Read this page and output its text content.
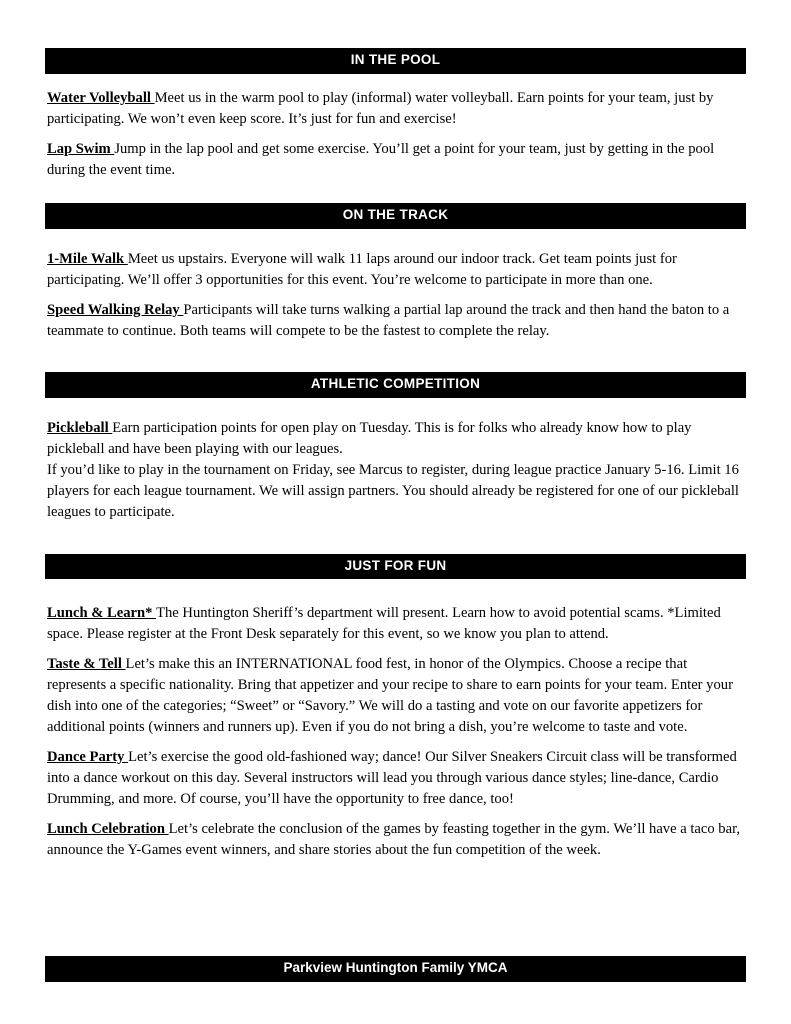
IN THE POOL

Water Volleyball Meet us in the warm pool to play (informal) water volleyball. Earn points for your team, just by participating. We won’t even keep score. It’s just for fun and exercise!

Lap Swim Jump in the lap pool and get some exercise. You’ll get a point for your team, just by getting in the pool during the event time.

ON THE TRACK

1-Mile Walk Meet us upstairs. Everyone will walk 11 laps around our indoor track. Get team points just for participating. We’ll offer 3 opportunities for this event. You’re welcome to participate in more than one.

Speed Walking Relay Participants will take turns walking a partial lap around the track and then hand the baton to a teammate to continue. Both teams will compete to be the fastest to complete the relay.

ATHLETIC COMPETITION

Pickleball Earn participation points for open play on Tuesday. This is for folks who already know how to play pickleball and have been playing with our leagues.

If you’d like to play in the tournament on Friday, see Marcus to register, during league practice January 5-16. Limit 16 players for each league tournament. We will assign partners. You should already be registered for one of our pickleball leagues to participate.

JUST FOR FUN

Lunch & Learn* The Huntington Sheriff’s department will present. Learn how to avoid potential scams. *Limited space. Please register at the Front Desk separately for this event, so we know you plan to attend.

Taste & Tell Let’s make this an INTERNATIONAL food fest, in honor of the Olympics. Choose a recipe that represents a specific nationality. Bring that appetizer and your recipe to share to earn points for your team. Enter your dish into one of the categories; “Sweet” or “Savory.” We will do a tasting and vote on our favorite appetizers for additional points (winners and runners up). Even if you do not bring a dish, you’re welcome to taste and vote.

Dance Party Let’s exercise the good old-fashioned way; dance! Our Silver Sneakers Circuit class will be transformed into a dance workout on this day. Several instructors will lead you through various dance styles; line-dance, Cardio Drumming, and more. Of course, you’ll have the opportunity to free dance, too!

Lunch Celebration Let’s celebrate the conclusion of the games by feasting together in the gym. We’ll have a taco bar, announce the Y-Games event winners, and share stories about the fun competition of the week.

Parkview Huntington Family YMCA
